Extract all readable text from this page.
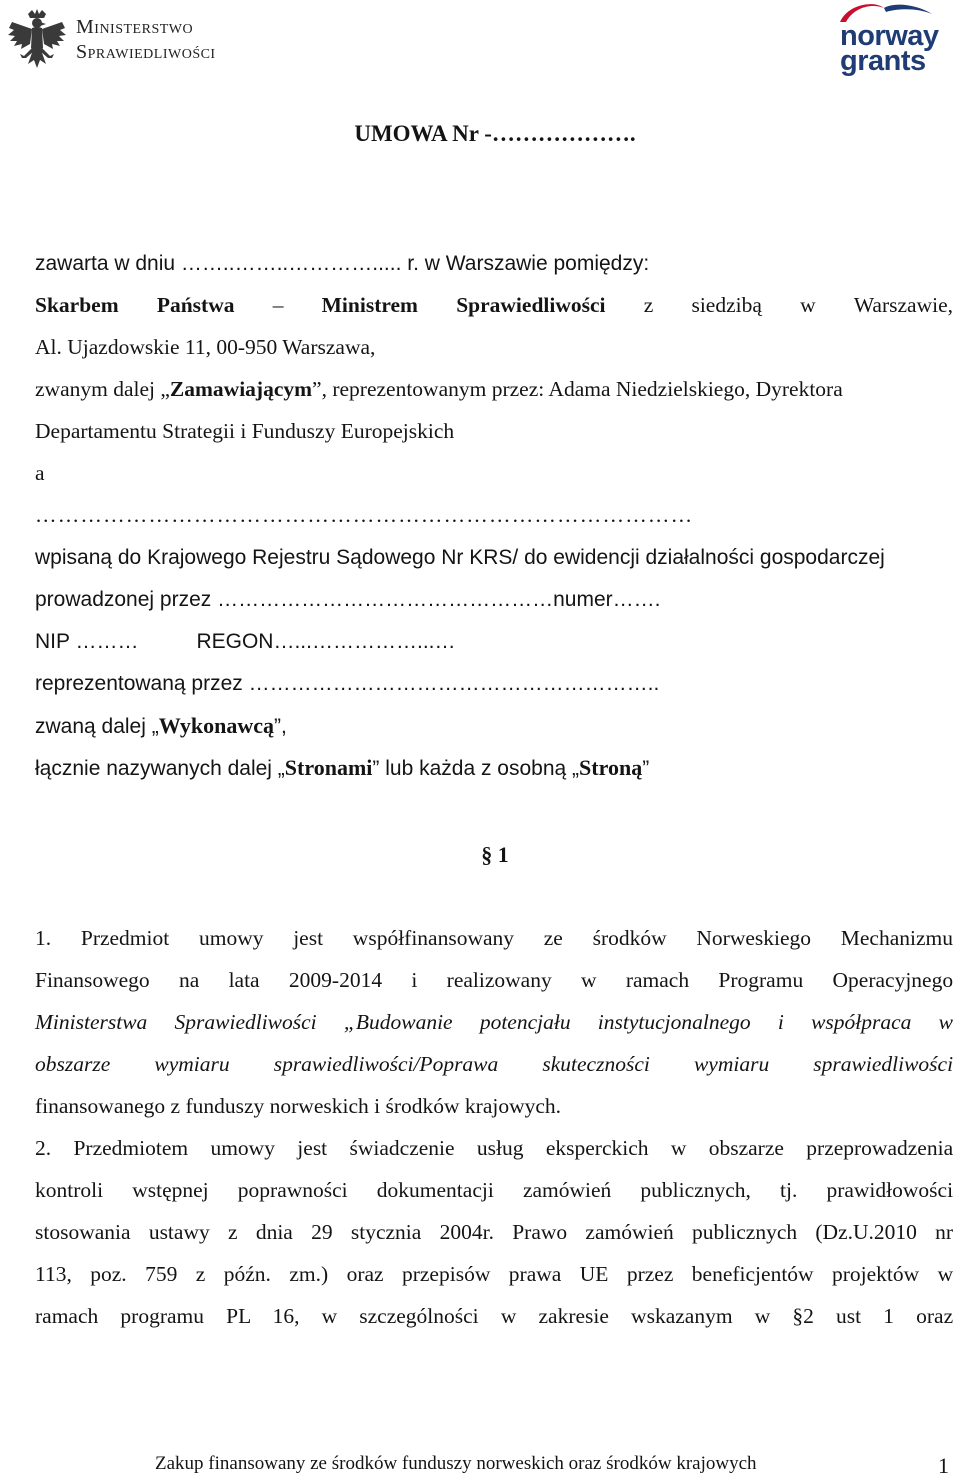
Ministerstwo
Sprawiedliwości	norway
grants
UMOWA Nr -……………….
zawarta w dniu ……..……..…………..... r. w Warszawie pomiędzy:
Skarbem Państwa – Ministrem Sprawiedliwości z siedzibą w Warszawie,
Al. Ujazdowskie 11, 00-950 Warszawa,
zwanym dalej „Zamawiającym”, reprezentowanym przez: Adama Niedzielskiego, Dyrektora
Departamentu Strategii i Funduszy Europejskich
a
……………………………………………………………………………
wpisaną do Krajowego Rejestru Sądowego Nr KRS/ do ewidencji działalności gospodarczej
prowadzonej przez …………………………………………numer…….
NIP ………	REGON…...……………...…
reprezentowaną przez …………………………………………………..
zwaną dalej „Wykonawcą”,
łącznie nazywanych dalej „Stronami” lub każda z osobną „Stroną”
§ 1
1. Przedmiot umowy jest współfinansowany ze środków Norweskiego Mechanizmu
Finansowego na lata 2009-2014 i realizowany w ramach Programu Operacyjnego
Ministerstwa Sprawiedliwości „Budowanie potencjału instytucjonalnego i współpraca w
obszarze wymiaru sprawiedliwości/Poprawa skuteczności wymiaru sprawiedliwości
finansowanego z funduszy norweskich i środków krajowych.
2. Przedmiotem umowy jest świadczenie usług eksperckich w obszarze przeprowadzenia
kontroli wstępnej poprawności dokumentacji zamówień publicznych, tj. prawidłowości
stosowania ustawy z dnia 29 stycznia 2004r. Prawo zamówień publicznych (Dz.U.2010 nr
113, poz. 759 z późn. zm.) oraz przepisów prawa UE przez beneficjentów projektów w
ramach programu PL 16, w szczególności w zakresie wskazanym w §2 ust 1 oraz
Zakup finansowany ze środków funduszy norweskich oraz środków krajowych	1
